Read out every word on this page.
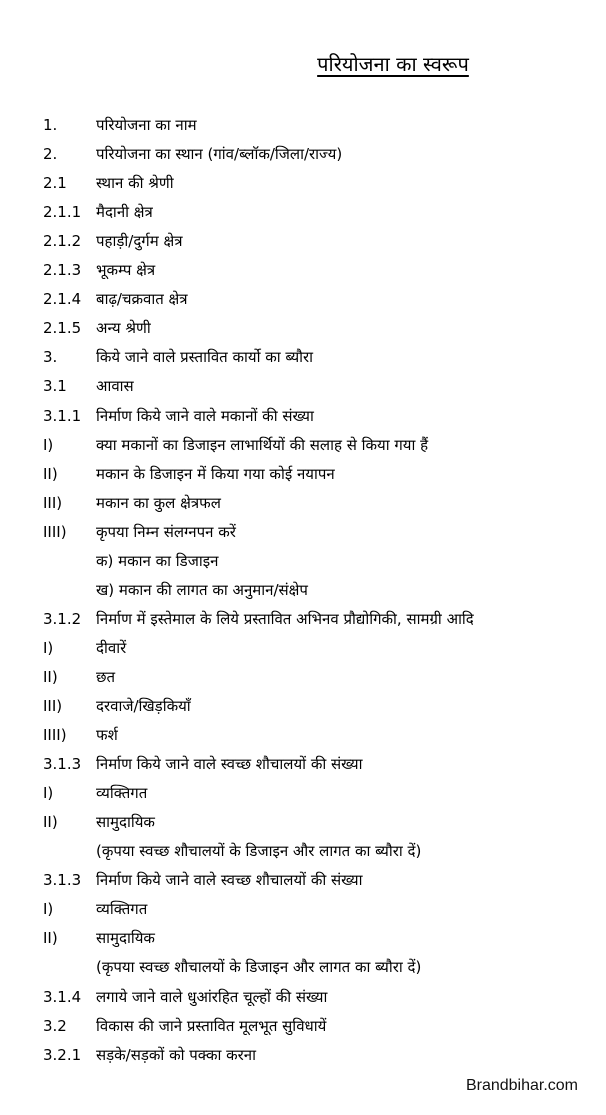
परियोजना का स्वरूप
1.	परियोजना का नाम
2.	परियोजना का स्थान (गांव/ब्लॉक/जिला/राज्य)
2.1 स्थान की श्रेणी
2.1.1 मैदानी क्षेत्र
2.1.2 पहाड़ी/दुर्गम क्षेत्र
2.1.3 भूकम्प क्षेत्र
2.1.4 बाढ़/चक्रवात क्षेत्र
2.1.5 अन्य श्रेणी
3.	किये जाने वाले प्रस्तावित कार्यो का ब्यौरा
3.1 आवास
3.1.1 निर्माण किये जाने वाले मकानों की संख्या
I)	क्या मकानों का डिजाइन लाभार्थियों की सलाह से किया गया हैं
II)	मकान के डिजाइन में किया गया कोई नयापन
III) मकान का कुल क्षेत्रफल
IIII) कृपया निम्न संलग्नपन करें
क) मकान का डिजाइन
ख) मकान की लागत का अनुमान/संक्षेप
3.1.2 निर्माण में इस्तेमाल के लिये प्रस्तावित अभिनव प्रौद्योगिकी, सामग्री आदि
I)	दीवारें
II)	छत
III) दरवाजे/खिड़कियाँ
IIII) फर्श
3.1.3 निर्माण किये जाने वाले स्वच्छ शौचालयों की संख्या
I)	व्यक्तिगत
II)	सामुदायिक
(कृपया स्वच्छ शौचालयों के डिजाइन और लागत का ब्यौरा दें)
3.1.3 निर्माण किये जाने वाले स्वच्छ शौचालयों की संख्या
I)	व्यक्तिगत
II)	सामुदायिक
(कृपया स्वच्छ शौचालयों के डिजाइन और लागत का ब्यौरा दें)
3.1.4 लगाये जाने वाले धुआंरहित चूल्हों की संख्या
3.2 विकास की जाने प्रस्तावित मूलभूत सुविधायें
3.2.1 सड़के/सड़कों को पक्का करना
Brandbihar.com
